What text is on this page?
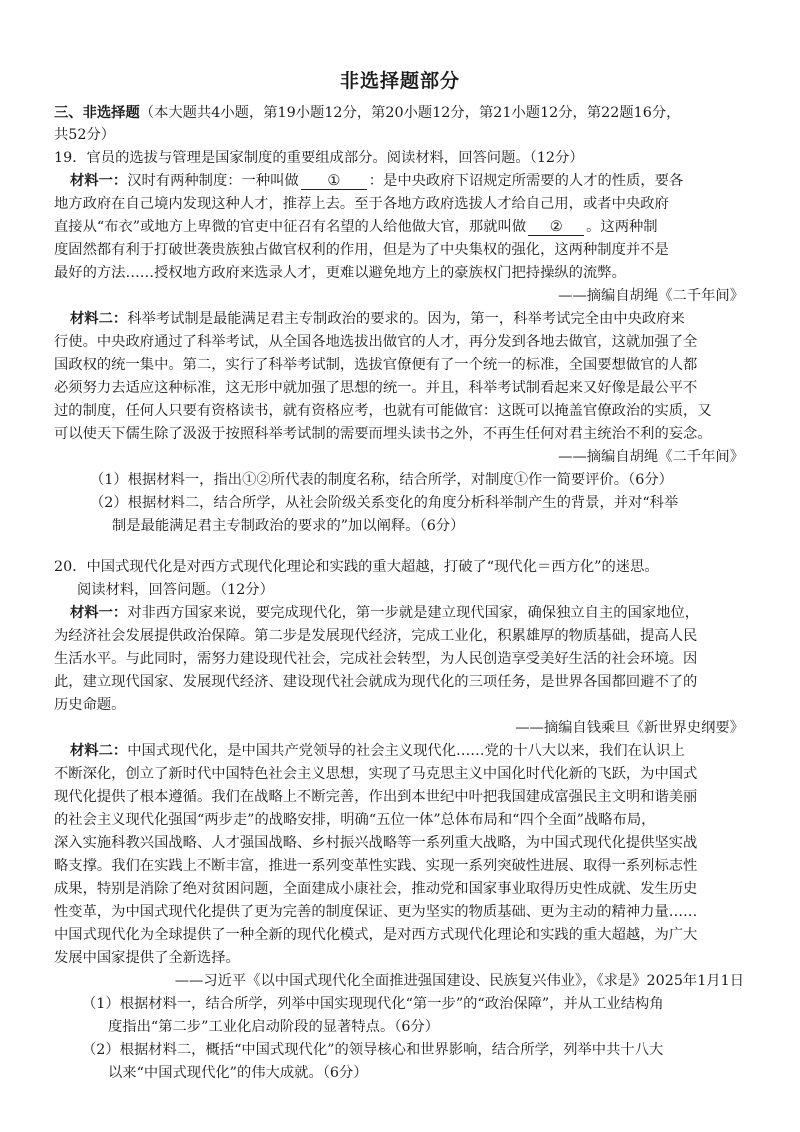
非选择题部分
三、非选择题（本大题共4小题，第19小题12分，第20小题12分，第21小题12分，第22题16分，
共52分）
19．官员的选拔与管理是国家制度的重要组成部分。阅读材料，回答问题。（12分）
材料一：汉时有两种制度：一种叫做 ① ：是中央政府下诏规定所需要的人才的性质，要各
地方政府在自己境内发现这种人才，推荐上去。至于各地方政府选拔人才给自己用，或者中央政府
直接从“布衣”或地方上卑微的官吏中征召有名望的人给他做大官，那就叫做 ② 。这两种制
度固然都有利于打破世袭贵族独占做官权利的作用，但是为了中央集权的强化，这两种制度并不是
最好的方法……授权地方政府来选录人才，更难以避免地方上的豪族权门把持操纵的流弊。
——摘编自胡绳《二千年间》
材料二：科举考试制是最能满足君主专制政治的要求的。因为，第一，科举考试完全由中央政府来
行使。中央政府通过了科举考试，从全国各地选拔出做官的人才，再分发到各地去做官，这就加强了全
国政权的统一集中。第二，实行了科举考试制，选拔官僚便有了一个统一的标准，全国要想做官的人都
必须努力去适应这种标准，这无形中就加强了思想的统一。并且，科举考试制看起来又好像是最公平不
过的制度，任何人只要有资格读书，就有资格应考，也就有可能做官：这既可以掩盖官僚政治的实质，又
可以使天下儒生除了汲汲于按照科举考试制的需要而埋头读书之外，不再生任何对君主统治不利的妄念。
——摘编自胡绳《二千年间》
（1）根据材料一，指出①②所代表的制度名称，结合所学，对制度①作一简要评价。（6分）
（2）根据材料二，结合所学，从社会阶级关系变化的角度分析科举制产生的背景，并对“科举
制是最能满足君主专制政治的要求的”加以阐释。（6分）
20．中国式现代化是对西方式现代化理论和实践的重大超越，打破了“现代化＝西方化”的迷思。
阅读材料，回答问题。（12分）
材料一：对非西方国家来说，要完成现代化，第一步就是建立现代国家，确保独立自主的国家地位，
为经济社会发展提供政治保障。第二步是发展现代经济，完成工业化，积累雄厚的物质基础，提高人民
生活水平。与此同时，需努力建设现代社会，完成社会转型，为人民创造享受美好生活的社会环境。因
此，建立现代国家、发展现代经济、建设现代社会就成为现代化的三项任务，是世界各国都回避不了的
历史命题。
——摘编自钱乘旦《新世界史纲要》
材料二：中国式现代化，是中国共产党领导的社会主义现代化……党的十八大以来，我们在认识上
不断深化，创立了新时代中国特色社会主义思想，实现了马克思主义中国化时代化新的飞跃，为中国式
现代化提供了根本遵循。我们在战略上不断完善，作出到本世纪中叶把我国建成富强民主文明和谐美丽
的社会主义现代化强国“两步走”的战略安排，明确“五位一体”总体布局和“四个全面”战略布局，
深入实施科教兴国战略、人才强国战略、乡村振兴战略等一系列重大战略，为中国式现代化提供坚实战
略支撑。我们在实践上不断丰富，推进一系列变革性实践、实现一系列突破性进展、取得一系列标志性
成果，特别是消除了绝对贫困问题，全面建成小康社会，推动党和国家事业取得历史性成就、发生历史
性变革，为中国式现代化提供了更为完善的制度保证、更为坚实的物质基础、更为主动的精神力量……
中国式现代化为全球提供了一种全新的现代化模式，是对西方式现代化理论和实践的重大超越，为广大
发展中国家提供了全新选择。
——习近平《以中国式现代化全面推进强国建设、民族复兴伟业》，《求是》2025年1月1日
（1）根据材料一，结合所学，列举中国实现现代化“第一步”的“政治保障”，并从工业结构角
度指出“第二步”工业化启动阶段的显著特点。（6分）
（2）根据材料二，概括“中国式现代化”的领导核心和世界影响，结合所学，列举中共十八大
以来“中国式现代化”的伟大成就。（6分）
